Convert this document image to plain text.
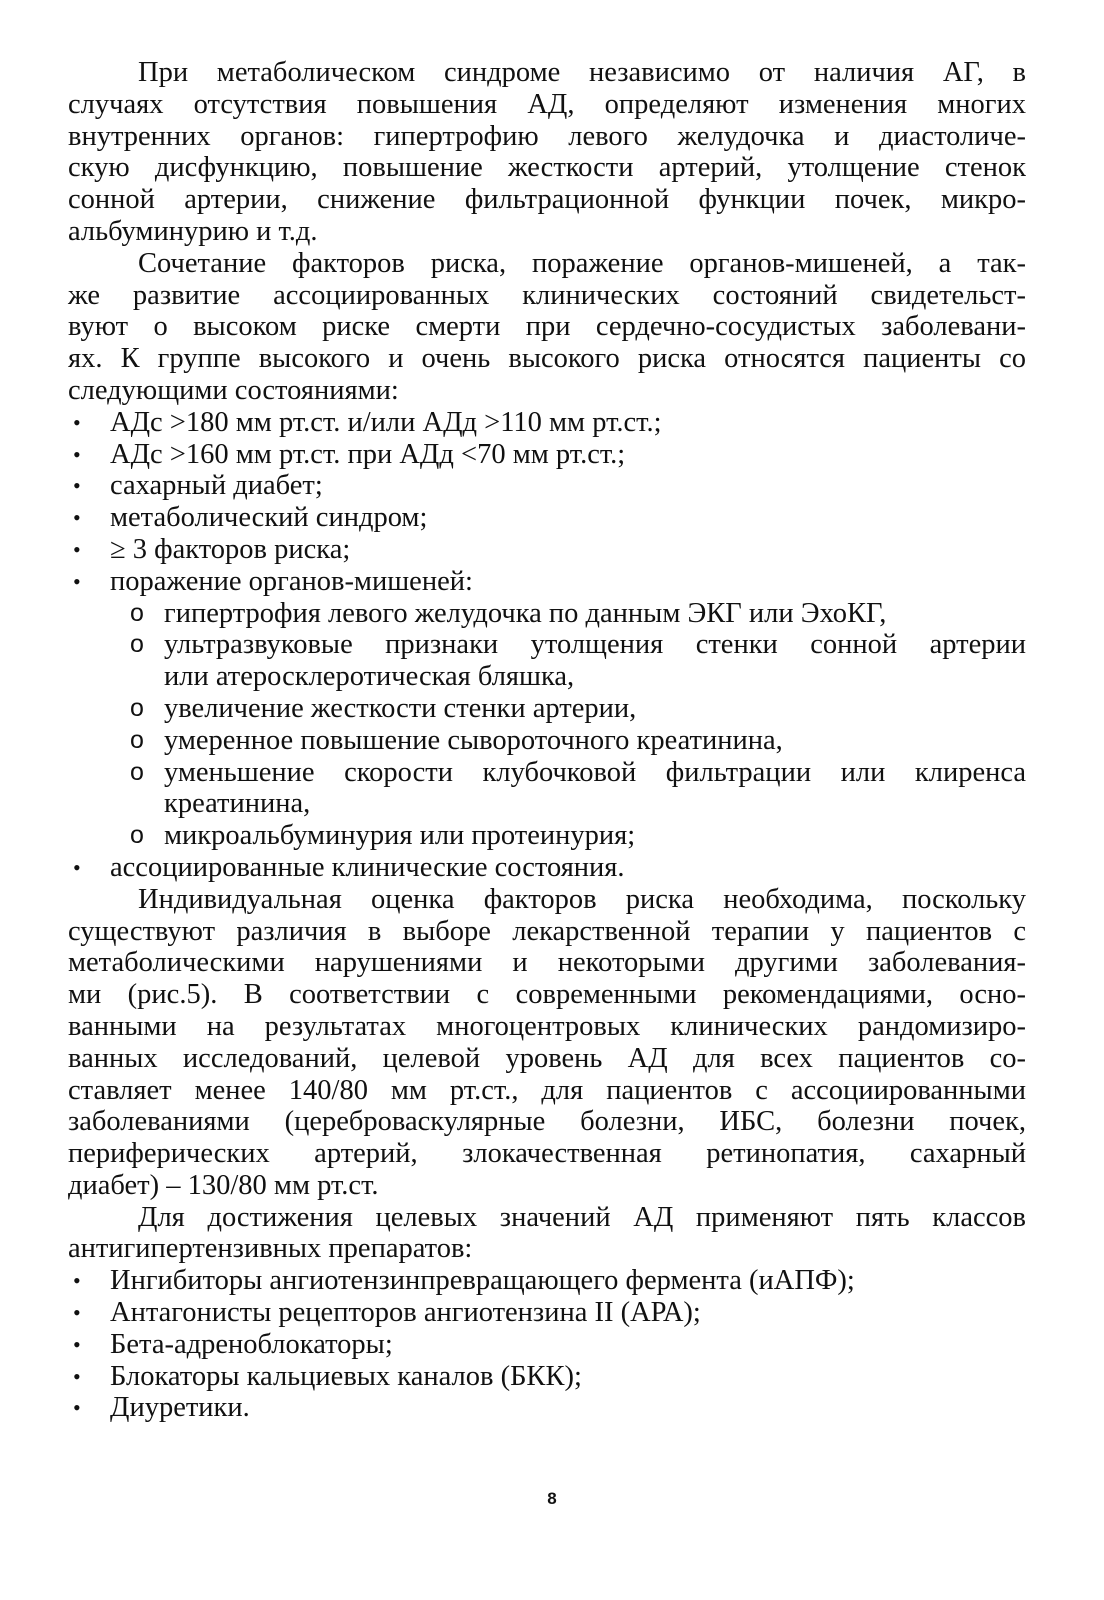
При метаболическом синдроме независимо от наличия АГ, в
случаях отсутствия повышения АД, определяют изменения многих
внутренних органов: гипертрофию левого желудочка и диастоличе-
скую дисфункцию, повышение жесткости артерий, утолщение стенок
сонной артерии, снижение фильтрационной функции почек, микро-
альбуминурию и т.д.
Сочетание факторов риска, поражение органов-мишеней, а так-
же развитие ассоциированных клинических состояний свидетельст-
вуют о высоком риске смерти при сердечно-сосудистых заболевани-
ях. К группе высокого и очень высокого риска относятся пациенты со
следующими состояниями:
• АДс >180 мм рт.ст. и/или АДд >110 мм рт.ст.;
• АДс >160 мм рт.ст. при АДд <70 мм рт.ст.;
• сахарный диабет;
• метаболический синдром;
• ≥ 3 факторов риска;
• поражение органов-мишеней:
o гипертрофия левого желудочка по данным ЭКГ или ЭхоКГ,
o ультразвуковые признаки утолщения стенки сонной артерии
или атеросклеротическая бляшка,
o увеличение жесткости стенки артерии,
o умеренное повышение сывороточного креатинина,
o уменьшение скорости клубочковой фильтрации или клиренса
креатинина,
o микроальбуминурия или протеинурия;
• ассоциированные клинические состояния.
Индивидуальная оценка факторов риска необходима, поскольку
существуют различия в выборе лекарственной терапии у пациентов с
метаболическими нарушениями и некоторыми другими заболевания-
ми (рис.5). В соответствии с современными рекомендациями, осно-
ванными на результатах многоцентровых клинических рандомизиро-
ванных исследований, целевой уровень АД для всех пациентов со-
ставляет менее 140/80 мм рт.ст., для пациентов с ассоциированными
заболеваниями (цереброваскулярные болезни, ИБС, болезни почек,
периферических артерий, злокачественная ретинопатия, сахарный
диабет) – 130/80 мм рт.ст.
Для достижения целевых значений АД применяют пять классов
антигипертензивных препаратов:
• Ингибиторы ангиотензинпревращающего фермента (иАПФ);
• Антагонисты рецепторов ангиотензина II (АРА);
• Бета-адреноблокаторы;
• Блокаторы кальциевых каналов (БКК);
• Диуретики.
8
